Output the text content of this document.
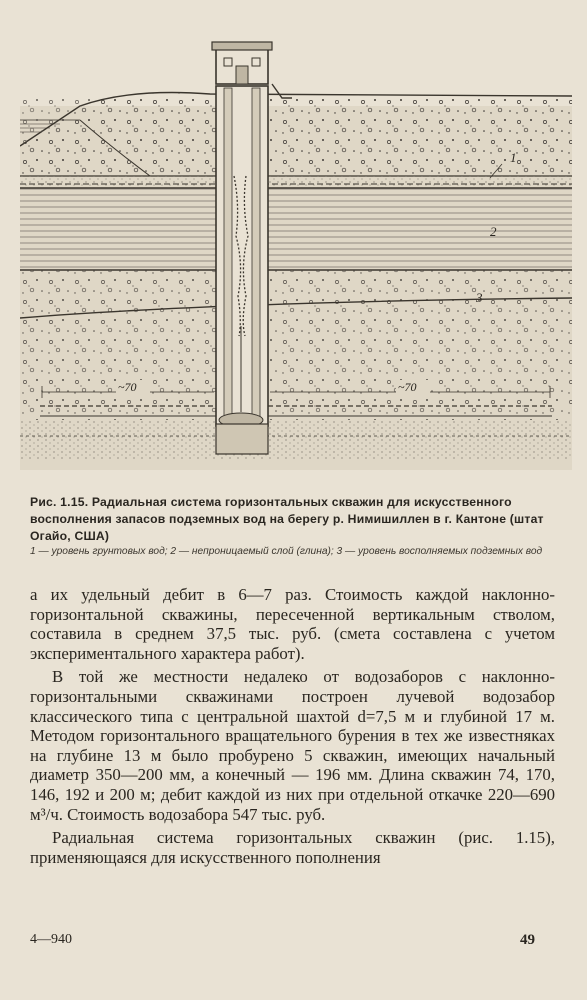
~70	~70
1
2
3
Рис. 1.15. Радиальная система горизонтальных скважин для искусственного восполнения запасов подземных вод на берегу р. Нимишиллен в г. Кантоне (штат Огайо, США)
1 — уровень грунтовых вод; 2 — непроницаемый слой (глина); 3 — уровень восполняемых подземных вод

а их удельный дебит в 6—7 раз. Стоимость каждой наклонно-горизонтальной скважины, пересеченной вертикальным стволом, составила в среднем 37,5 тыс. руб. (смета составлена с учетом экспериментального характера работ).

В той же местности недалеко от водозаборов с наклонно-горизонтальными скважинами построен лучевой водозабор классического типа с центральной шахтой d=7,5 м и глубиной 17 м. Методом горизонтального вращательного бурения в тех же известняках на глубине 13 м было пробурено 5 скважин, имеющих начальный диаметр 350—200 мм, а конечный — 196 мм. Длина скважин 74, 170, 146, 192 и 200 м; дебит каждой из них при отдельной откачке 220—690 м³/ч. Стоимость водозабора 547 тыс. руб.

Радиальная система горизонтальных скважин (рис. 1.15), применяющаяся для искусственного пополнения

4—940	49
